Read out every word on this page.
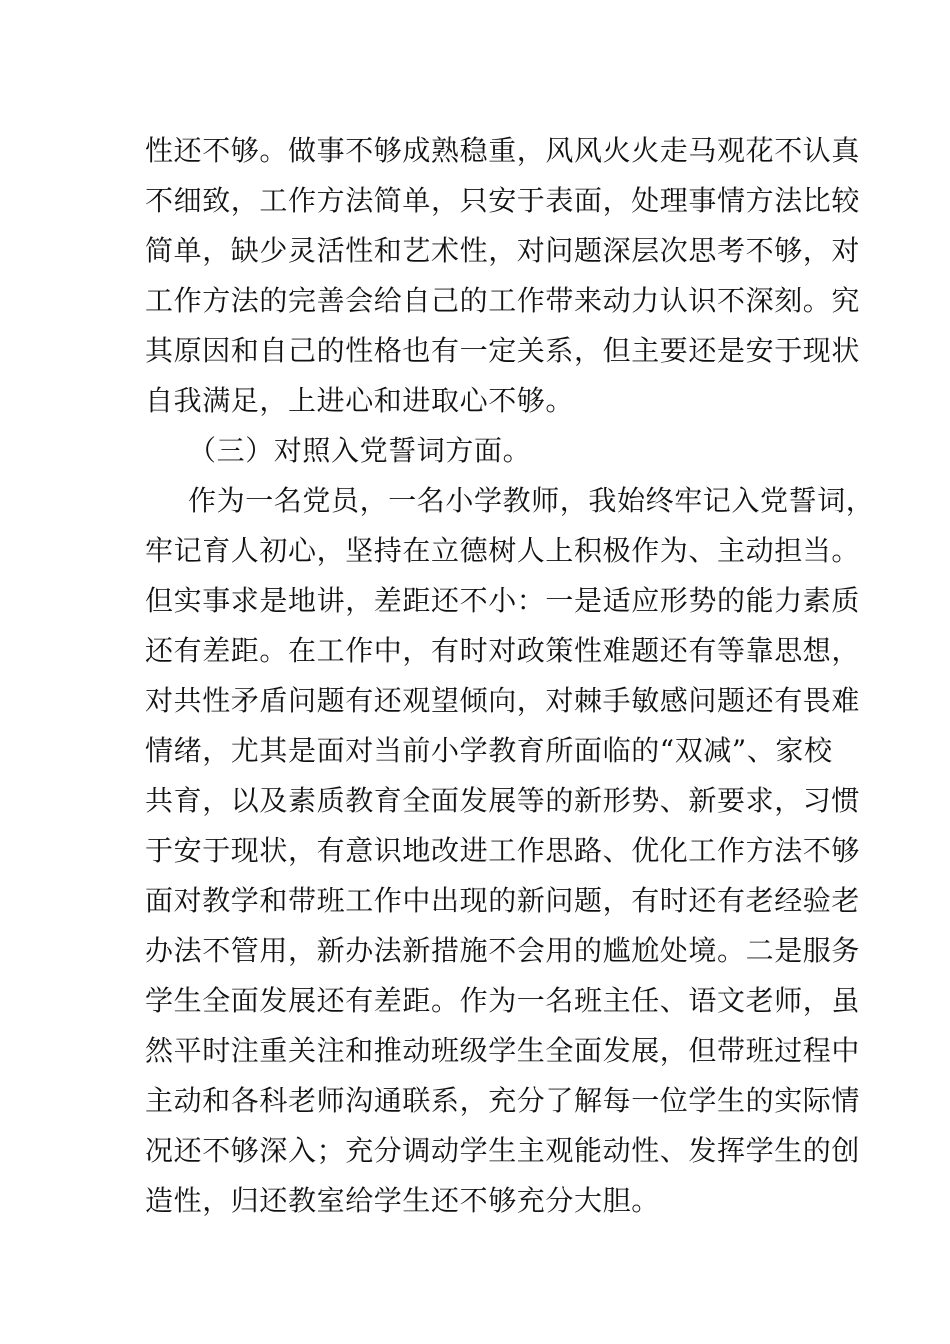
性还不够。做事不够成熟稳重，风风火火走马观花不认真
不细致，工作方法简单，只安于表面，处理事情方法比较
简单，缺少灵活性和艺术性，对问题深层次思考不够，对
工作方法的完善会给自己的工作带来动力认识不深刻。究
其原因和自己的性格也有一定关系，但主要还是安于现状
自我满足，上进心和进取心不够。
（三）对照入党誓词方面。
作为一名党员，一名小学教师，我始终牢记入党誓词，
牢记育人初心，坚持在立德树人上积极作为、主动担当。
但实事求是地讲，差距还不小：一是适应形势的能力素质
还有差距。在工作中，有时对政策性难题还有等靠思想，
对共性矛盾问题有还观望倾向，对棘手敏感问题还有畏难
情绪，尤其是面对当前小学教育所面临的“双减”、家校
共育，以及素质教育全面发展等的新形势、新要求，习惯
于安于现状，有意识地改进工作思路、优化工作方法不够
面对教学和带班工作中出现的新问题，有时还有老经验老
办法不管用，新办法新措施不会用的尴尬处境。二是服务
学生全面发展还有差距。作为一名班主任、语文老师，虽
然平时注重关注和推动班级学生全面发展，但带班过程中
主动和各科老师沟通联系，充分了解每一位学生的实际情
况还不够深入；充分调动学生主观能动性、发挥学生的创
造性，归还教室给学生还不够充分大胆。
